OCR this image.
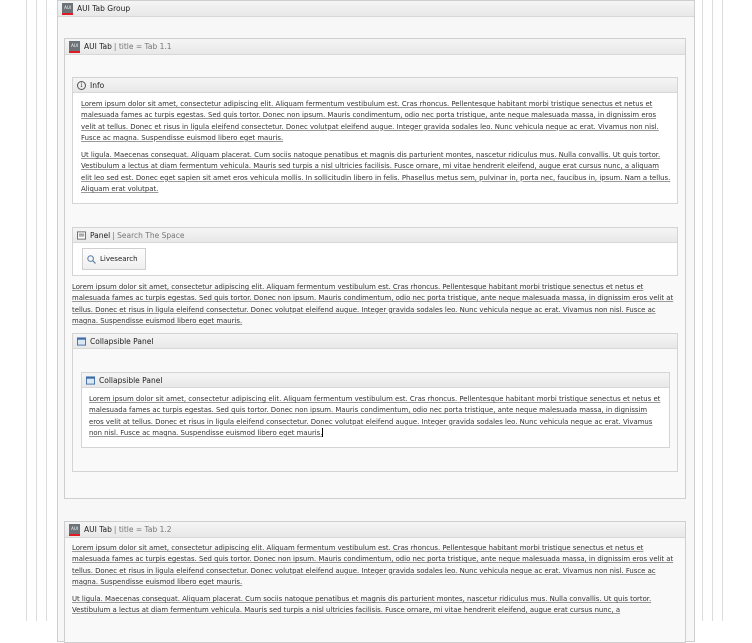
AUI AUI Tab Group
AUI AUI Tab | title = Tab 1.1
i	Info

Lorem ipsum dolor sit amet, consectetur adipiscing elit. Aliquam fermentum vestibulum est. Cras rhoncus. Pellentesque habitant morbi tristique senectus et netus et malesuada fames ac turpis egestas. Sed quis tortor. Donec non ipsum. Mauris condimentum, odio nec porta tristique, ante neque malesuada massa, in dignissim eros velit at tellus. Donec et risus in ligula eleifend consectetur. Donec volutpat eleifend augue. Integer gravida sodales leo. Nunc vehicula neque ac erat. Vivamus non nisl. Fusce ac magna. Suspendisse euismod libero eget mauris.

Ut ligula. Maecenas consequat. Aliquam placerat. Cum sociis natoque penatibus et magnis dis parturient montes, nascetur ridiculus mus. Nulla convallis. Ut quis tortor. Vestibulum a lectus at diam fermentum vehicula. Mauris sed turpis a nisl ultricies facilisis. Fusce ornare, mi vitae hendrerit eleifend, augue erat cursus nunc, a aliquam elit leo sed est. Donec eget sapien sit amet eros vehicula mollis. In sollicitudin libero in felis. Phasellus metus sem, pulvinar in, porta nec, faucibus in, ipsum. Nam a tellus. Aliquam erat volutpat.

Panel | Search The Space
Livesearch

Lorem ipsum dolor sit amet, consectetur adipiscing elit. Aliquam fermentum vestibulum est. Cras rhoncus. Pellentesque habitant morbi tristique senectus et netus et malesuada fames ac turpis egestas. Sed quis tortor. Donec non ipsum. Mauris condimentum, odio nec porta tristique, ante neque malesuada massa, in dignissim eros velit at tellus. Donec et risus in ligula eleifend consectetur. Donec volutpat eleifend augue. Integer gravida sodales leo. Nunc vehicula neque ac erat. Vivamus non nisl. Fusce ac magna. Suspendisse euismod libero eget mauris.

Collapsible Panel
Collapsible Panel
Lorem ipsum dolor sit amet, consectetur adipiscing elit. Aliquam fermentum vestibulum est. Cras rhoncus. Pellentesque habitant morbi tristique senectus et netus et malesuada fames ac turpis egestas. Sed quis tortor. Donec non ipsum. Mauris condimentum, odio nec porta tristique, ante neque malesuada massa, in dignissim eros velit at tellus. Donec et risus in ligula eleifend consectetur. Donec volutpat eleifend augue. Integer gravida sodales leo. Nunc vehicula neque ac erat. Vivamus non nisl. Fusce ac magna. Suspendisse euismod libero eget mauris.
AUI AUI Tab | title = Tab 1.2

Lorem ipsum dolor sit amet, consectetur adipiscing elit. Aliquam fermentum vestibulum est. Cras rhoncus. Pellentesque habitant morbi tristique senectus et netus et malesuada fames ac turpis egestas. Sed quis tortor. Donec non ipsum. Mauris condimentum, odio nec porta tristique, ante neque malesuada massa, in dignissim eros velit at tellus. Donec et risus in ligula eleifend consectetur. Donec volutpat eleifend augue. Integer gravida sodales leo. Nunc vehicula neque ac erat. Vivamus non nisl. Fusce ac magna. Suspendisse euismod libero eget mauris.

Ut ligula. Maecenas consequat. Aliquam placerat. Cum sociis natoque penatibus et magnis dis parturient montes, nascetur ridiculus mus. Nulla convallis. Ut quis tortor. Vestibulum a lectus at diam fermentum vehicula. Mauris sed turpis a nisl ultricies facilisis. Fusce ornare, mi vitae hendrerit eleifend, augue erat cursus nunc, a
